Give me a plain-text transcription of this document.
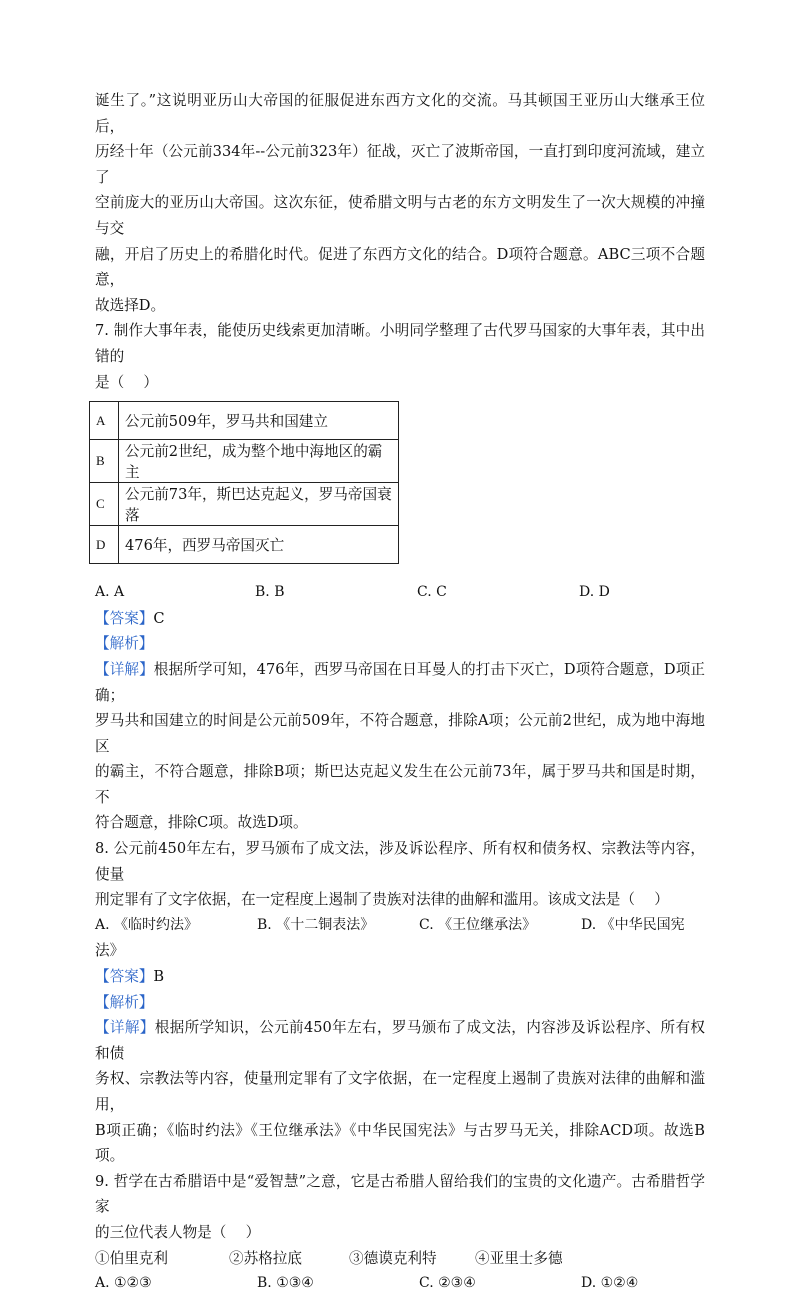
诞生了。”这说明亚历山大帝国的征服促进东西方文化的交流。马其顿国王亚历山大继承王位后，

历经十年（公元前334年--公元前323年）征战，灭亡了波斯帝国，一直打到印度河流域，建立了

空前庞大的亚历山大帝国。这次东征，使希腊文明与古老的东方文明发生了一次大规模的冲撞与交

融，开启了历史上的希腊化时代。促进了东西方文化的结合。D项符合题意。ABC三项不合题意，

故选择D。

7. 制作大事年表，能使历史线索更加清晰。小明同学整理了古代罗马国家的大事年表，其中出错的

是（　 ）

A	公元前509年，罗马共和国建立
B	公元前2世纪，成为整个地中海地区的霸主
C	公元前73年，斯巴达克起义，罗马帝国衰落
D	476年，西罗马帝国灭亡
A. A	B. B	C. C	D. D

【答案】C

【解析】

【详解】根据所学可知，476年，西罗马帝国在日耳曼人的打击下灭亡，D项符合题意，D项正确；

罗马共和国建立的时间是公元前509年，不符合题意，排除A项；公元前2世纪，成为地中海地区

的霸主，不符合题意，排除B项；斯巴达克起义发生在公元前73年，属于罗马共和国是时期，不

符合题意，排除C项。故选D项。

8. 公元前450年左右，罗马颁布了成文法，涉及诉讼程序、所有权和债务权、宗教法等内容，使量

刑定罪有了文字依据，在一定程度上遏制了贵族对法律的曲解和滥用。该成文法是（　 ）

A. 《临时约法》	B. 《十二铜表法》	C. 《王位继承法》	D. 《中华民国宪

法》

【答案】B

【解析】

【详解】根据所学知识，公元前450年左右，罗马颁布了成文法，内容涉及诉讼程序、所有权和债

务权、宗教法等内容，使量刑定罪有了文字依据，在一定程度上遏制了贵族对法律的曲解和滥用，

B项正确；《临时约法》《王位继承法》《中华民国宪法》与古罗马无关，排除ACD项。故选B项。

9. 哲学在古希腊语中是“爱智慧”之意，它是古希腊人留给我们的宝贵的文化遗产。古希腊哲学家

的三位代表人物是（　 ）

①伯里克利	②苏格拉底	③德谟克利特	④亚里士多德
A. ①②③	B. ①③④	C. ②③④	D. ①②④
